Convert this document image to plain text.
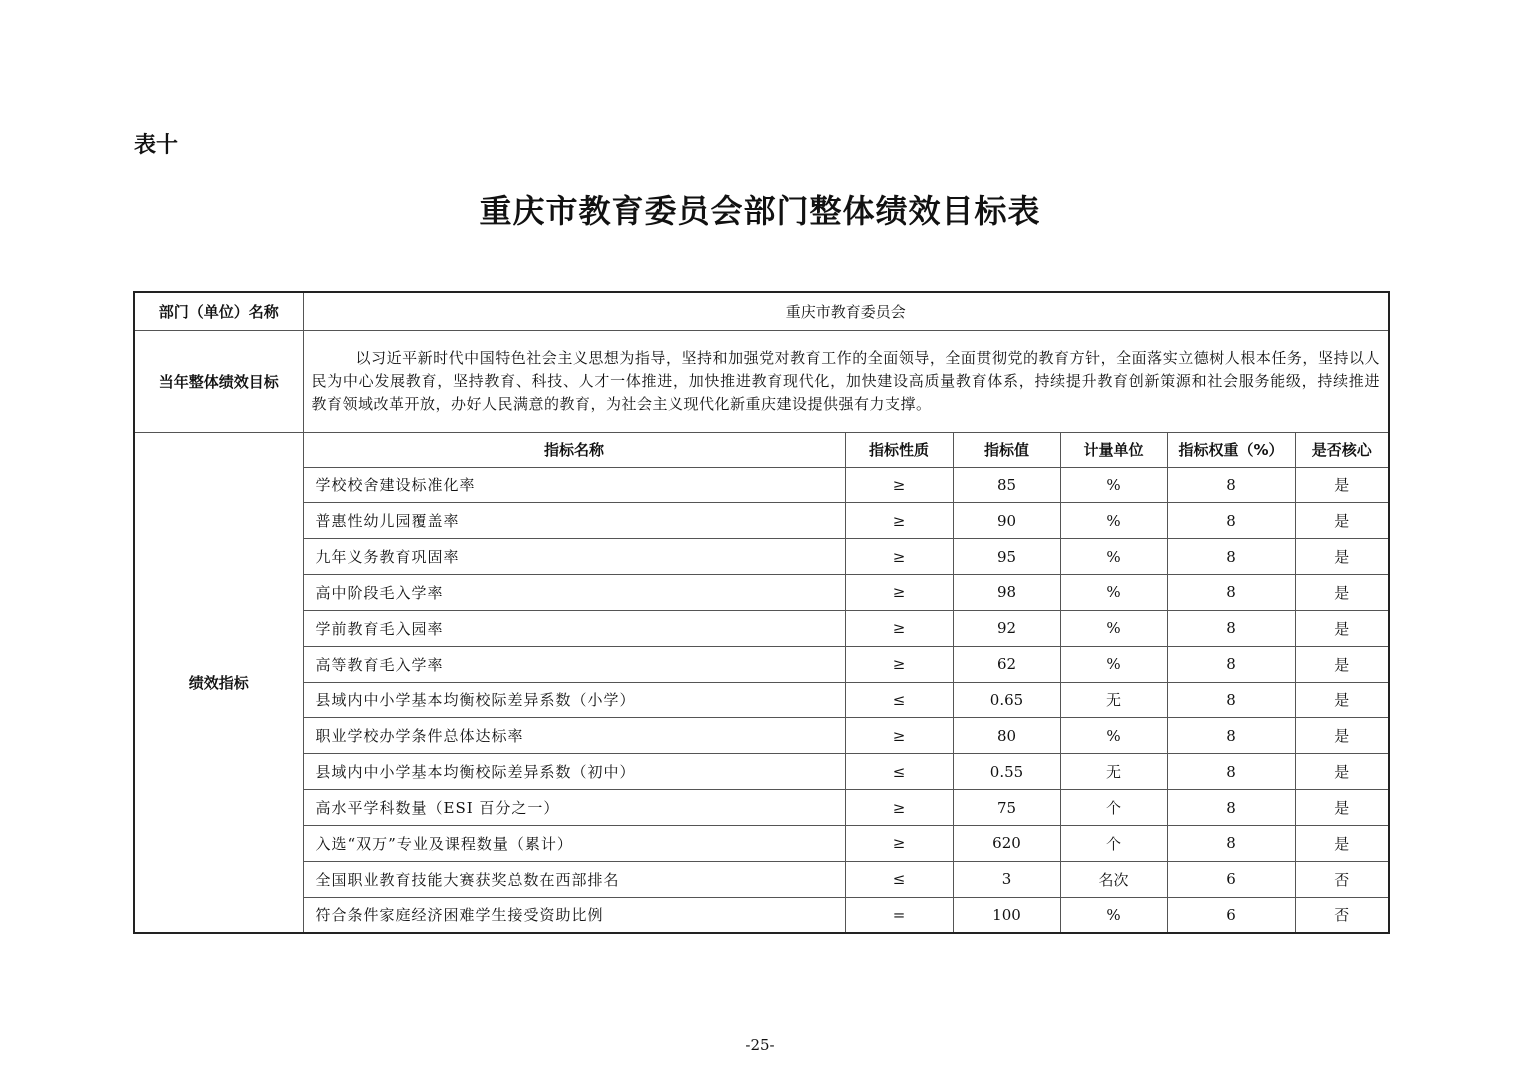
表十
重庆市教育委员会部门整体绩效目标表
部门（单位）名称	重庆市教育委员会					
当年整体绩效目标	以习近平新时代中国特色社会主义思想为指导，坚持和加强党对教育工作的全面领导，全面贯彻党的教育方针，全面落实立德树人根本任务，坚持以人民为中心发展教育，坚持教育、科技、人才一体推进，加快推进教育现代化，加快建设高质量教育体系，持续提升教育创新策源和社会服务能级，持续推进教育领域改革开放，办好人民满意的教育，为社会主义现代化新重庆建设提供强有力支撑。					
绩效指标	指标名称	指标性质	指标值	计量单位	指标权重（%）	是否核心
	学校校舍建设标准化率	≥	85	%	8	是
	普惠性幼儿园覆盖率	≥	90	%	8	是
	九年义务教育巩固率	≥	95	%	8	是
	高中阶段毛入学率	≥	98	%	8	是
	学前教育毛入园率	≥	92	%	8	是
	高等教育毛入学率	≥	62	%	8	是
	县域内中小学基本均衡校际差异系数（小学）	≤	0.65	无	8	是
	职业学校办学条件总体达标率	≥	80	%	8	是
	县域内中小学基本均衡校际差异系数（初中）	≤	0.55	无	8	是
	高水平学科数量（ESI 百分之一）	≥	75	个	8	是
	入选“双万”专业及课程数量（累计）	≥	620	个	8	是
	全国职业教育技能大赛获奖总数在西部排名	≤	3	名次	6	否
	符合条件家庭经济困难学生接受资助比例	=	100	%	6	否
-25-
